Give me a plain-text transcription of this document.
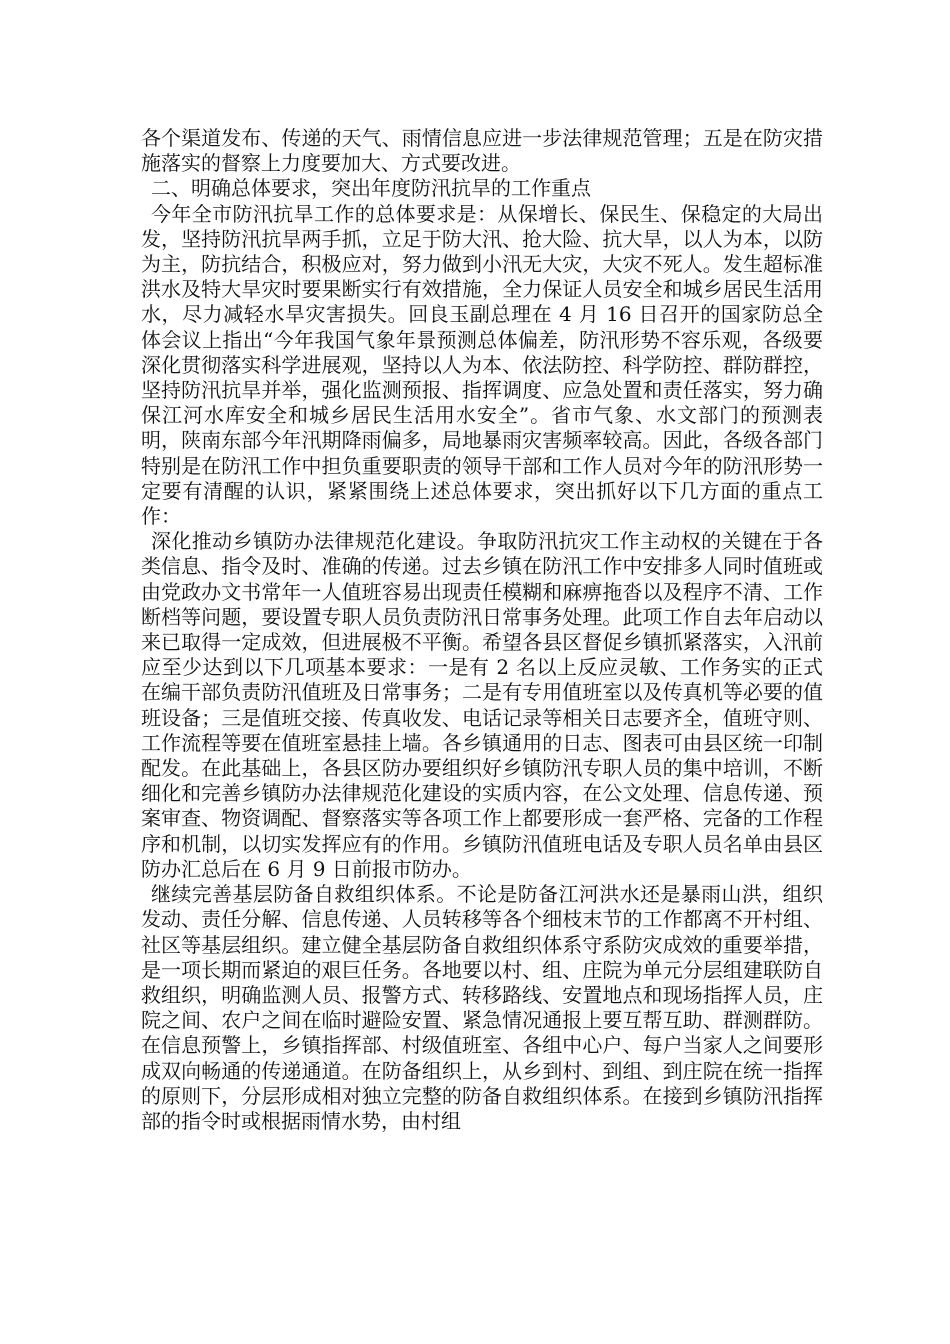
各个渠道发布、传递的天气、雨情信息应进一步法律规范管理；五是在防灾措施落实的督察上力度要加大、方式要改进。

二、明确总体要求，突出年度防汛抗旱的工作重点

今年全市防汛抗旱工作的总体要求是：从保增长、保民生、保稳定的大局出发，坚持防汛抗旱两手抓，立足于防大汛、抢大险、抗大旱，以人为本，以防为主，防抗结合，积极应对，努力做到小汛无大灾，大灾不死人。发生超标准洪水及特大旱灾时要果断实行有效措施，全力保证人员安全和城乡居民生活用水，尽力减轻水旱灾害损失。回良玉副总理在 4 月 16 日召开的国家防总全体会议上指出“今年我国气象年景预测总体偏差，防汛形势不容乐观，各级要深化贯彻落实科学进展观，坚持以人为本、依法防控、科学防控、群防群控，坚持防汛抗旱并举，强化监测预报、指挥调度、应急处置和责任落实，努力确保江河水库安全和城乡居民生活用水安全”。省市气象、水文部门的预测表明，陕南东部今年汛期降雨偏多，局地暴雨灾害频率较高。因此，各级各部门特别是在防汛工作中担负重要职责的领导干部和工作人员对今年的防汛形势一定要有清醒的认识，紧紧围绕上述总体要求，突出抓好以下几方面的重点工作：

深化推动乡镇防办法律规范化建设。争取防汛抗灾工作主动权的关键在于各类信息、指令及时、准确的传递。过去乡镇在防汛工作中安排多人同时值班或由党政办文书常年一人值班容易出现责任模糊和麻痹拖沓以及程序不清、工作断档等问题，要设置专职人员负责防汛日常事务处理。此项工作自去年启动以来已取得一定成效，但进展极不平衡。希望各县区督促乡镇抓紧落实，入汛前应至少达到以下几项基本要求：一是有 2 名以上反应灵敏、工作务实的正式在编干部负责防汛值班及日常事务；二是有专用值班室以及传真机等必要的值班设备；三是值班交接、传真收发、电话记录等相关日志要齐全，值班守则、工作流程等要在值班室悬挂上墙。各乡镇通用的日志、图表可由县区统一印制配发。在此基础上，各县区防办要组织好乡镇防汛专职人员的集中培训，不断细化和完善乡镇防办法律规范化建设的实质内容，在公文处理、信息传递、预案审查、物资调配、督察落实等各项工作上都要形成一套严格、完备的工作程序和机制，以切实发挥应有的作用。乡镇防汛值班电话及专职人员名单由县区防办汇总后在 6 月 9 日前报市防办。

继续完善基层防备自救组织体系。不论是防备江河洪水还是暴雨山洪，组织发动、责任分解、信息传递、人员转移等各个细枝末节的工作都离不开村组、社区等基层组织。建立健全基层防备自救组织体系守系防灾成效的重要举措，是一项长期而紧迫的艰巨任务。各地要以村、组、庄院为单元分层组建联防自救组织，明确监测人员、报警方式、转移路线、安置地点和现场指挥人员，庄院之间、农户之间在临时避险安置、紧急情况通报上要互帮互助、群测群防。在信息预警上，乡镇指挥部、村级值班室、各组中心户、每户当家人之间要形成双向畅通的传递通道。在防备组织上，从乡到村、到组、到庄院在统一指挥的原则下，分层形成相对独立完整的防备自救组织体系。在接到乡镇防汛指挥部的指令时或根据雨情水势，由村组
